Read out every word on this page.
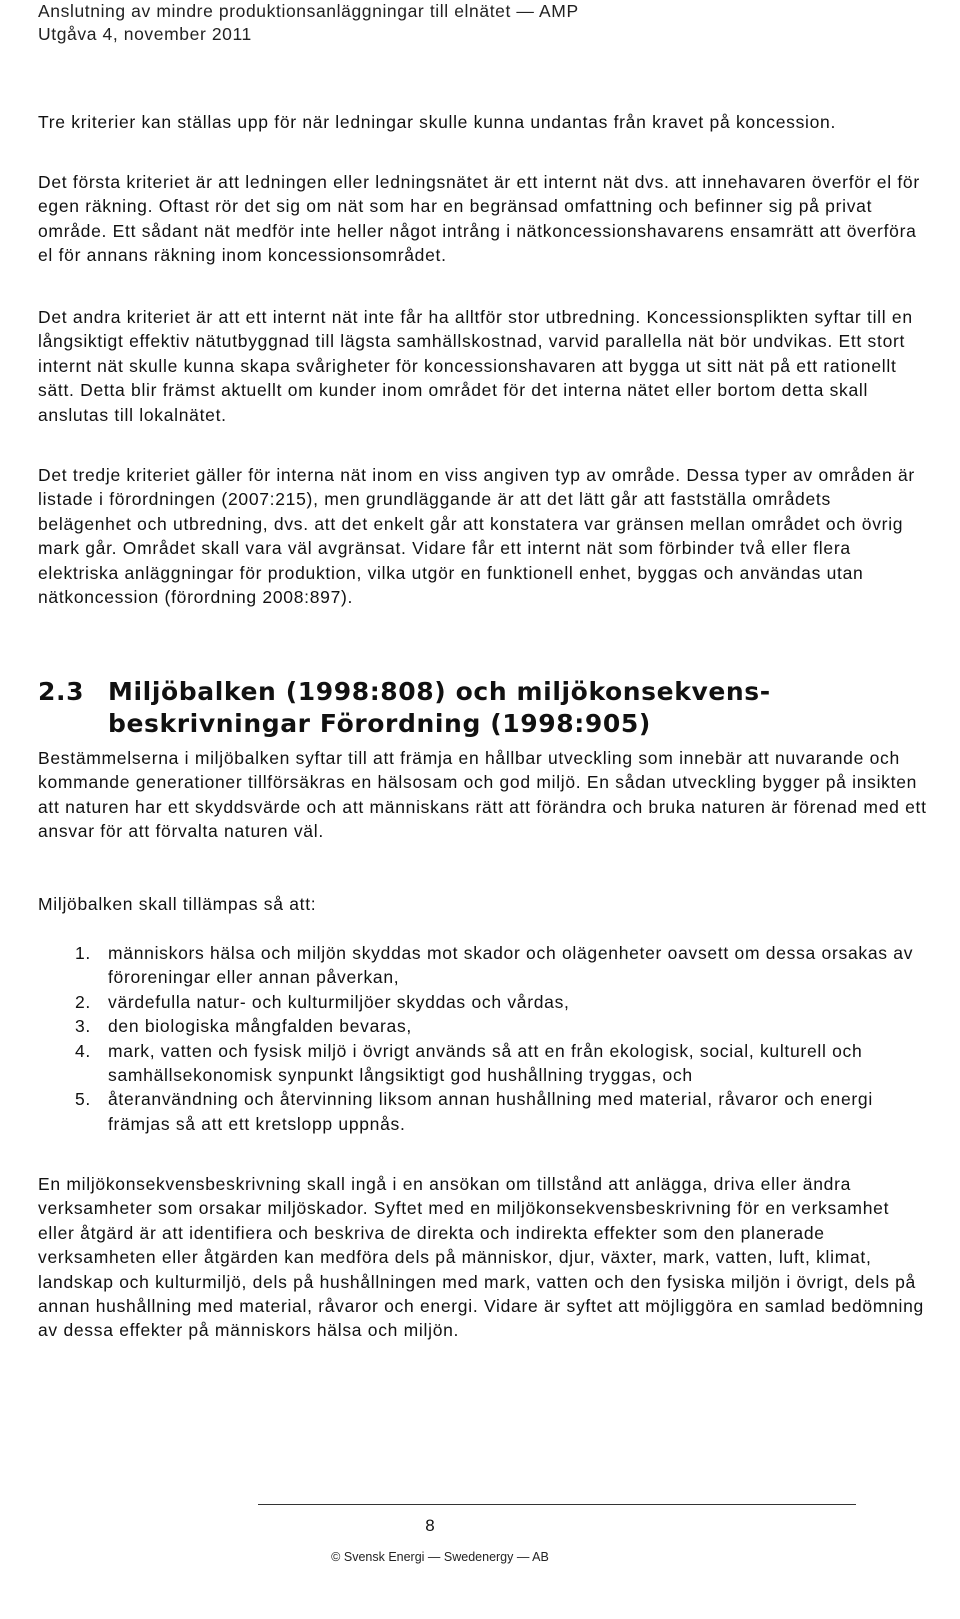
Anslutning av mindre produktionsanläggningar till elnätet — AMP
Utgåva 4, november 2011

Tre kriterier kan ställas upp för när ledningar skulle kunna undantas från kravet på koncession.

Det första kriteriet är att ledningen eller ledningsnätet är ett internt nät dvs. att innehavaren överför el för egen räkning. Oftast rör det sig om nät som har en begränsad omfattning och befinner sig på privat område. Ett sådant nät medför inte heller något intrång i nätkoncessionshavarens ensamrätt att överföra el för annans räkning inom koncessionsområdet.

Det andra kriteriet är att ett internt nät inte får ha alltför stor utbredning. Koncessionsplikten syftar till en långsiktigt effektiv nätutbyggnad till lägsta samhällskostnad, varvid parallella nät bör undvikas. Ett stort internt nät skulle kunna skapa svårigheter för koncessionshavaren att bygga ut sitt nät på ett rationellt sätt. Detta blir främst aktuellt om kunder inom området för det interna nätet eller bortom detta skall anslutas till lokalnätet.

Det tredje kriteriet gäller för interna nät inom en viss angiven typ av område. Dessa typer av områden är listade i förordningen (2007:215), men grundläggande är att det lätt går att fastställa områdets belägenhet och utbredning, dvs. att det enkelt går att konstatera var gränsen mellan området och övrig mark går. Området skall vara väl avgränsat. Vidare får ett internt nät som förbinder två eller flera elektriska anläggningar för produktion, vilka utgör en funktionell enhet, byggas och användas utan nätkoncession (förordning 2008:897).

2.3 Miljöbalken (1998:808) och miljökonsekvens-beskrivningar Förordning (1998:905)

Bestämmelserna i miljöbalken syftar till att främja en hållbar utveckling som innebär att nuvarande och kommande generationer tillförsäkras en hälsosam och god miljö. En sådan utveckling bygger på insikten att naturen har ett skyddsvärde och att människans rätt att förändra och bruka naturen är förenad med ett ansvar för att förvalta naturen väl.

Miljöbalken skall tillämpas så att:

1. människors hälsa och miljön skyddas mot skador och olägenheter oavsett om dessa orsakas av föroreningar eller annan påverkan,
2. värdefulla natur- och kulturmiljöer skyddas och vårdas,
3. den biologiska mångfalden bevaras,
4. mark, vatten och fysisk miljö i övrigt används så att en från ekologisk, social, kulturell och samhällsekonomisk synpunkt långsiktigt god hushållning tryggas, och
5. återanvändning och återvinning liksom annan hushållning med material, råvaror och energi främjas så att ett kretslopp uppnås.

En miljökonsekvensbeskrivning skall ingå i en ansökan om tillstånd att anlägga, driva eller ändra verksamheter som orsakar miljöskador. Syftet med en miljökonsekvensbeskrivning för en verksamhet eller åtgärd är att identifiera och beskriva de direkta och indirekta effekter som den planerade verksamheten eller åtgärden kan medföra dels på människor, djur, växter, mark, vatten, luft, klimat, landskap och kulturmiljö, dels på hushållningen med mark, vatten och den fysiska miljön i övrigt, dels på annan hushållning med material, råvaror och energi. Vidare är syftet att möjliggöra en samlad bedömning av dessa effekter på människors hälsa och miljön.

8
© Svensk Energi — Swedenergy — AB
